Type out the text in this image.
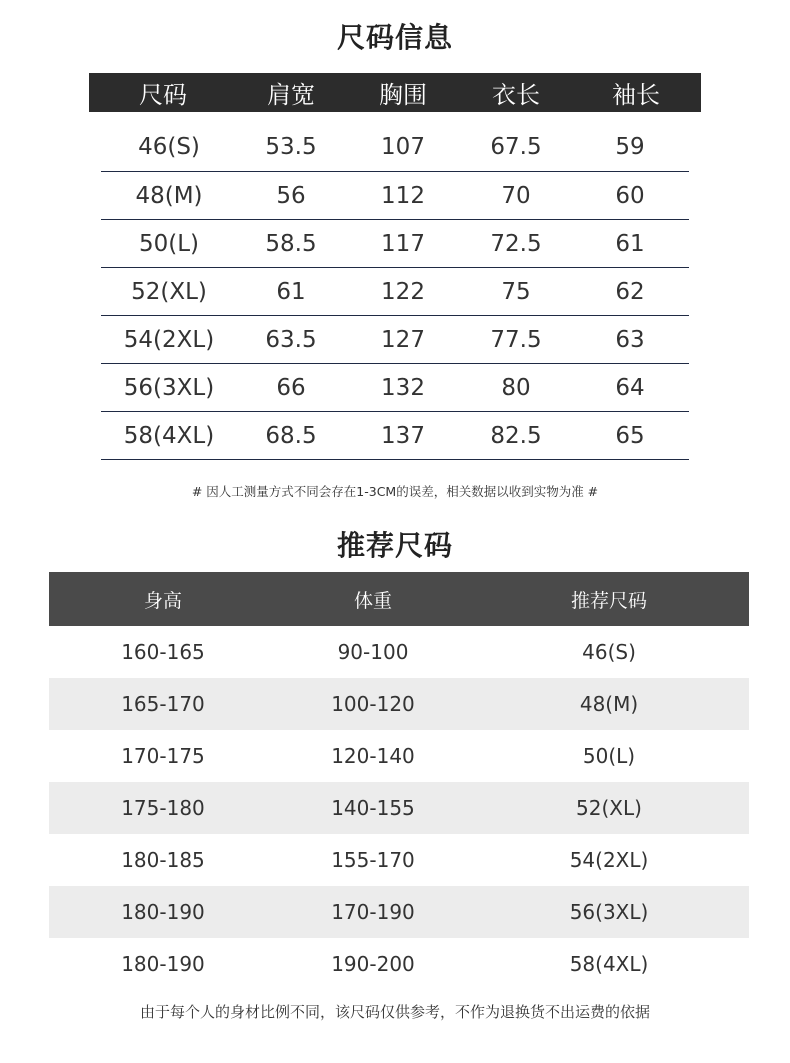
尺码信息
尺码	肩宽	胸围	衣长	袖长
46(S)	53.5	107	67.5	59
48(M)	56	112	70	60
50(L)	58.5	117	72.5	61
52(XL)	61	122	75	62
54(2XL)	63.5	127	77.5	63
56(3XL)	66	132	80	64
58(4XL)	68.5	137	82.5	65
# 因人工测量方式不同会存在1-3CM的误差，相关数据以收到实物为准 #
推荐尺码
身高	体重	推荐尺码
160-165	90-100	46(S)
165-170	100-120	48(M)
170-175	120-140	50(L)
175-180	140-155	52(XL)
180-185	155-170	54(2XL)
180-190	170-190	56(3XL)
180-190	190-200	58(4XL)
由于每个人的身材比例不同，该尺码仅供参考，不作为退换货不出运费的依据
